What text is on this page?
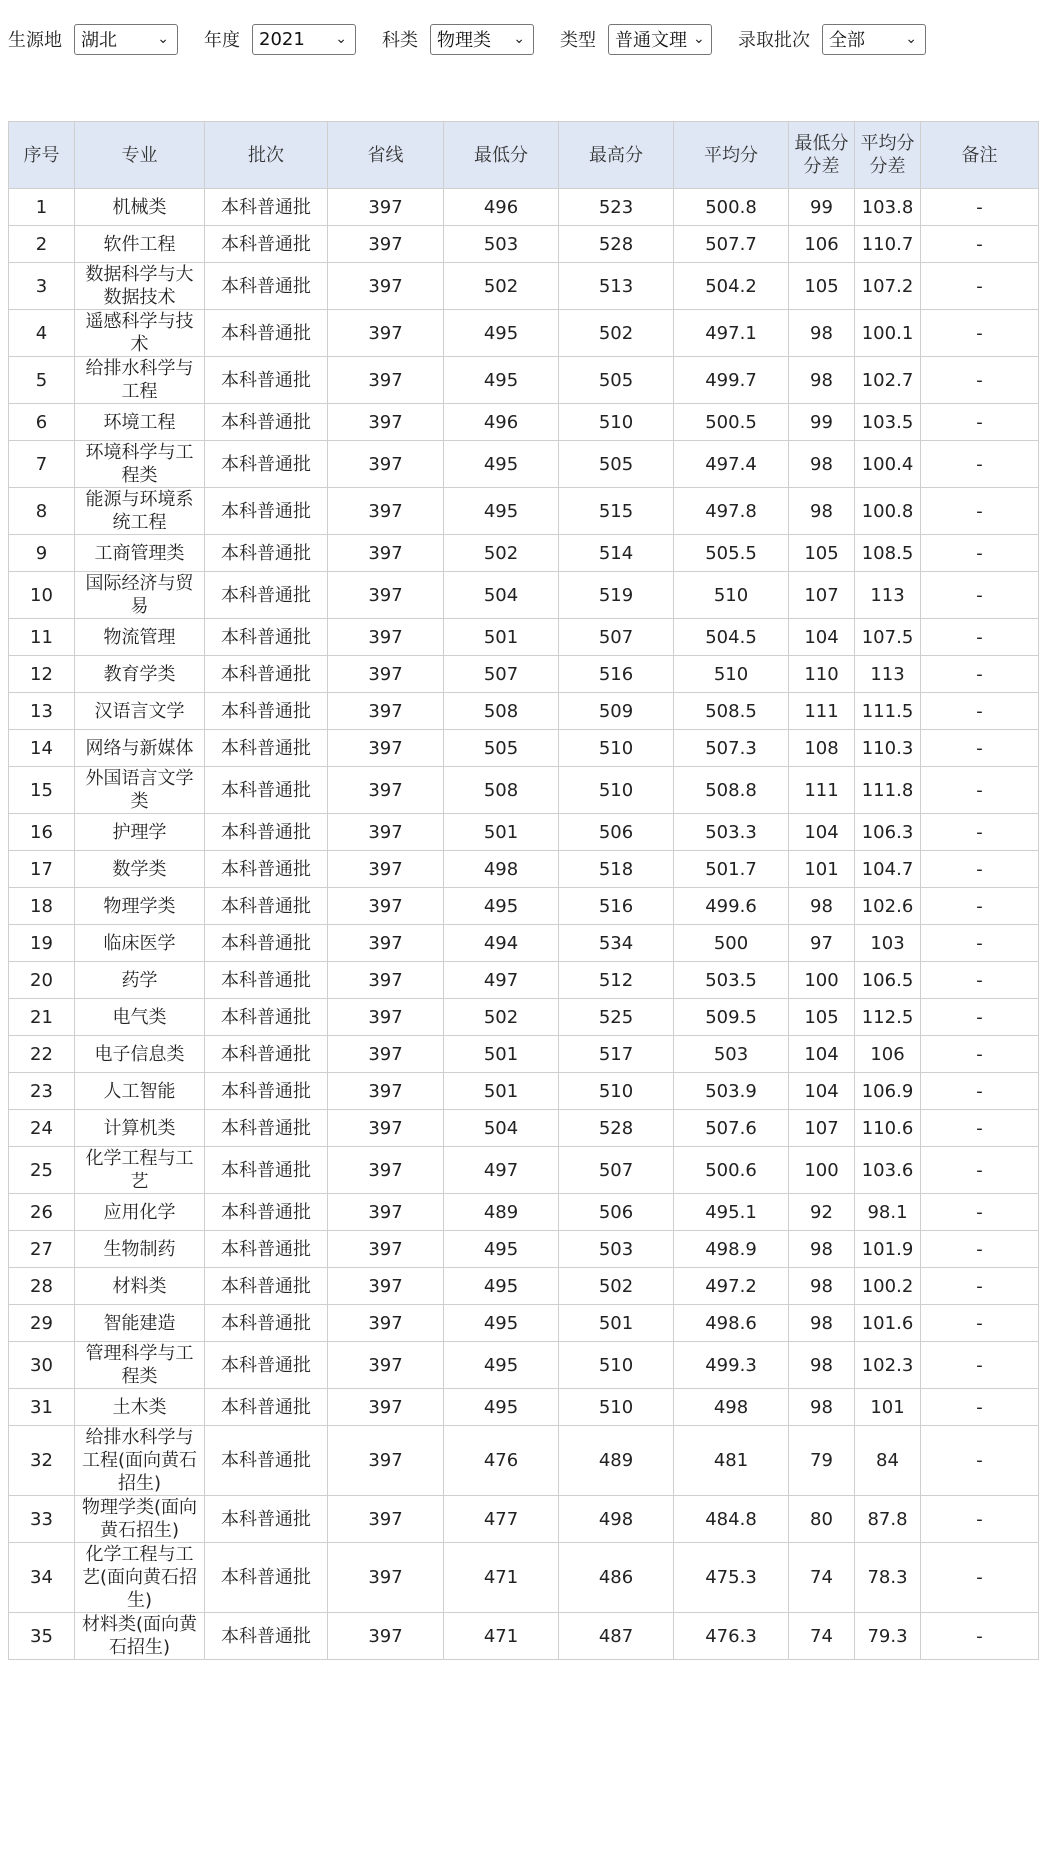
生源地 湖北	⌄ 年度 2021 ⌄ 科类 物理类 ⌄ 类型 普通文理 ⌄ 录取批次 全部	⌄
序号	专业	批次	省线	最低分	最高分	平均分	最低分分差	平均分分差	备注
1	机械类	本科普通批	397	496	523	500.8	99	103.8	-
2	软件工程	本科普通批	397	503	528	507.7	106	110.7	-
3	数据科学与大数据技术	本科普通批	397	502	513	504.2	105	107.2	-
4	遥感科学与技术	本科普通批	397	495	502	497.1	98	100.1	-
5	给排水科学与工程	本科普通批	397	495	505	499.7	98	102.7	-
6	环境工程	本科普通批	397	496	510	500.5	99	103.5	-
7	环境科学与工程类	本科普通批	397	495	505	497.4	98	100.4	-
8	能源与环境系统工程	本科普通批	397	495	515	497.8	98	100.8	-
9	工商管理类	本科普通批	397	502	514	505.5	105	108.5	-
10	国际经济与贸易	本科普通批	397	504	519	510	107	113	-
11	物流管理	本科普通批	397	501	507	504.5	104	107.5	-
12	教育学类	本科普通批	397	507	516	510	110	113	-
13	汉语言文学	本科普通批	397	508	509	508.5	111	111.5	-
14	网络与新媒体	本科普通批	397	505	510	507.3	108	110.3	-
15	外国语言文学类	本科普通批	397	508	510	508.8	111	111.8	-
16	护理学	本科普通批	397	501	506	503.3	104	106.3	-
17	数学类	本科普通批	397	498	518	501.7	101	104.7	-
18	物理学类	本科普通批	397	495	516	499.6	98	102.6	-
19	临床医学	本科普通批	397	494	534	500	97	103	-
20	药学	本科普通批	397	497	512	503.5	100	106.5	-
21	电气类	本科普通批	397	502	525	509.5	105	112.5	-
22	电子信息类	本科普通批	397	501	517	503	104	106	-
23	人工智能	本科普通批	397	501	510	503.9	104	106.9	-
24	计算机类	本科普通批	397	504	528	507.6	107	110.6	-
25	化学工程与工艺	本科普通批	397	497	507	500.6	100	103.6	-
26	应用化学	本科普通批	397	489	506	495.1	92	98.1	-
27	生物制药	本科普通批	397	495	503	498.9	98	101.9	-
28	材料类	本科普通批	397	495	502	497.2	98	100.2	-
29	智能建造	本科普通批	397	495	501	498.6	98	101.6	-
30	管理科学与工程类	本科普通批	397	495	510	499.3	98	102.3	-
31	土木类	本科普通批	397	495	510	498	98	101	-
32	给排水科学与工程(面向黄石招生)	本科普通批	397	476	489	481	79	84	-
33	物理学类(面向黄石招生)	本科普通批	397	477	498	484.8	80	87.8	-
34	化学工程与工艺(面向黄石招生)	本科普通批	397	471	486	475.3	74	78.3	-
35	材料类(面向黄石招生)	本科普通批	397	471	487	476.3	74	79.3	-
